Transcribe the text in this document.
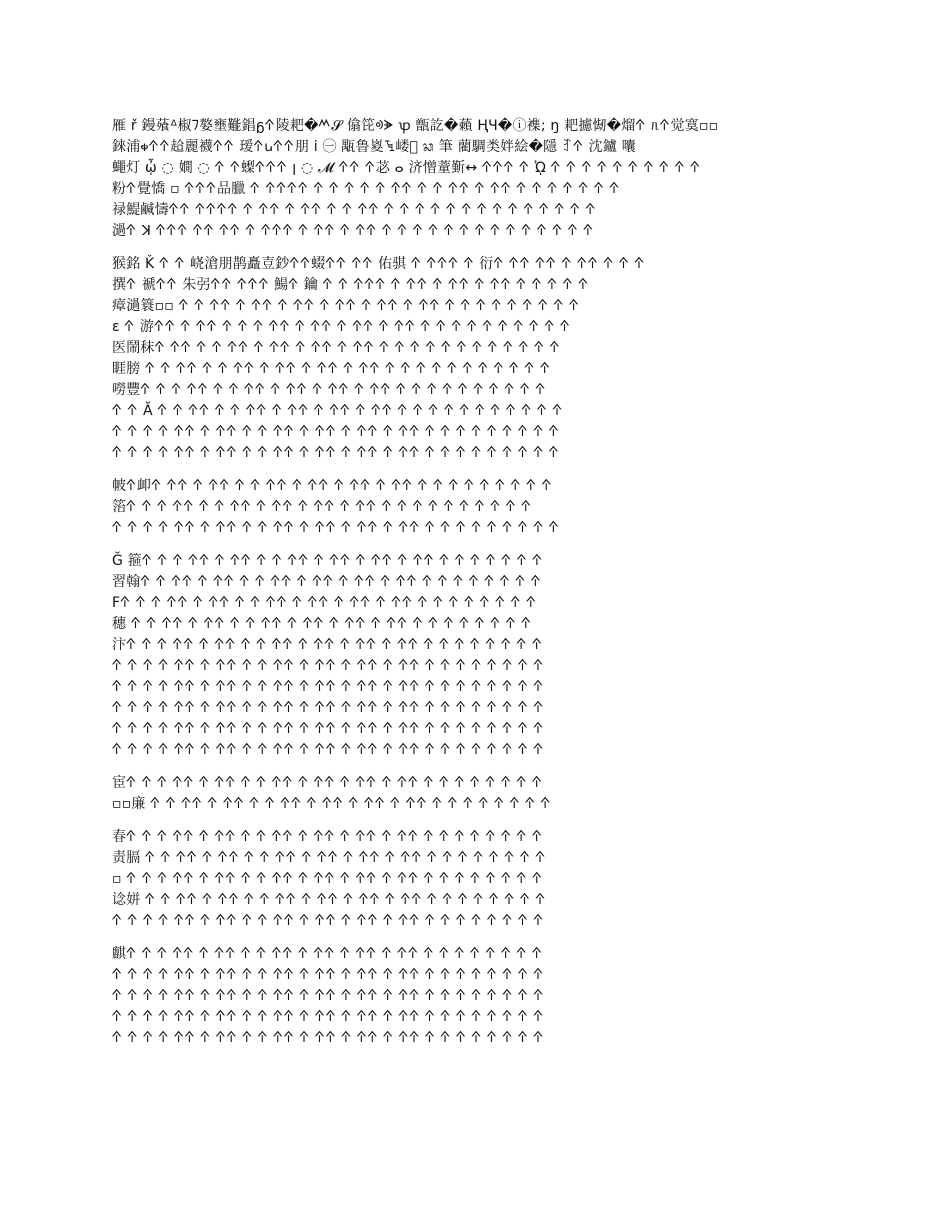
雁 ř 鏝蕵ᐞ椒𖼴嫯壅㔮錩ᵷ𐊁陵耙�𐊎𝓢 㒆笓ᢀᗘ ꝕ 甑訖�藾 ⱧЧ�ⓘ襍; ŋ 耙攄㥘�熘𐊁 ᥰ𐊁觉寞▫▫
錸浦𐑉𐊁𐊁䞩麗襪𐊁𐊁 瑷𐊁ꭎ𐊁𐊁朋 ⅰ ㊀ 㼴鲁嵏ꔃ嵝𣋽 ᬘ 筆 藺騆类姅絵�隱 ꆈ𐊁 沈鑪 囔
蠅灯 ᾦ ◌ 嫺 ◌ 𐊁 𐊁蟍𐊁𐊁𐊁 ꞁ ◌ 𝓜 𐊁𐊁 𐊁苾 ⴰ 济憎蕫斳↔ 𐊁𐊁𐊁 𐊁 ᾨ 𐊁 𐊁 𐊁 𐊁 𐊁 𐊁 𐊁 𐊁 𐊁 𐊁
粉𐊁覺憍 ▫ 𐊁𐊁𐊁品臘 𐊁 𐊁𐊁𐊁𐊁 𐊁 𐊁 𐊁 𐊁 𐊁 𐊁𐊁 𐊁 𐊁 𐊁𐊁 𐊁 𐊁𐊁 𐊁 𐊁 𐊁 𐊁 𐊁 𐊁 𐊁
禄鯷鹹懤𐊁𐊁 𐊁𐊁𐊁𐊁 𐊁 𐊁𐊁 𐊁 𐊁𐊁 𐊁 𐊁 𐊁𐊁 𐊁 𐊁 𐊁 𐊁 𐊁 𐊁 𐊁 𐊁 𐊁 𐊁 𐊁 𐊁 𐊁 𐊁
濄𐊁 ꓘ 𐊁𐊁𐊁 𐊁𐊁 𐊁𐊁 𐊁 𐊁𐊁𐊁 𐊁 𐊁𐊁 𐊁 𐊁𐊁 𐊁 𐊁 𐊁 𐊁 𐊁 𐊁 𐊁 𐊁 𐊁 𐊁 𐊁 𐊁 𐊁 𐊁
猴銘 Ǩ 𐊁 𐊁 峣滄朋鹊矗壴鈔𐊁𐊁蝃𐊁𐊁 𐊁𐊁 佑骐 𐊁 𐊁𐊁𐊁 𐊁 衍𐊁 𐊁𐊁 𐊁𐊁 𐊁 𐊁𐊁 𐊁 𐊁 𐊁
撰𐊁 禠𐊁𐊁 朱弜𐊁𐊁 𐊁𐊁𐊁 鰑𐊁 鑰 𐊁 𐊁 𐊁𐊁𐊁 𐊁 𐊁𐊁 𐊁 𐊁𐊁 𐊁 𐊁𐊁 𐊁 𐊁 𐊁 𐊁 𐊁
瘴濄簑▫▫ 𐊁 𐊁 𐊁𐊁 𐊁 𐊁𐊁 𐊁 𐊁𐊁 𐊁 𐊁𐊁 𐊁 𐊁𐊁 𐊁 𐊁𐊁 𐊁 𐊁 𐊁 𐊁 𐊁 𐊁 𐊁 𐊁 𐊁
ɛ 𐊁 游𐊁𐊁 𐊁 𐊁𐊁 𐊁 𐊁 𐊁 𐊁𐊁 𐊁 𐊁𐊁 𐊁 𐊁𐊁 𐊁 𐊁𐊁 𐊁 𐊁 𐊁 𐊁 𐊁 𐊁 𐊁 𐊁 𐊁 𐊁
医鬧秣𐊁 𐊁𐊁 𐊁 𐊁 𐊁𐊁 𐊁 𐊁𐊁 𐊁 𐊁𐊁 𐊁 𐊁𐊁 𐊁 𐊁 𐊁 𐊁 𐊁 𐊁 𐊁 𐊁 𐊁 𐊁 𐊁 𐊁
睚膀 𐊁 𐊁 𐊁𐊁 𐊁 𐊁 𐊁𐊁 𐊁 𐊁𐊁 𐊁 𐊁𐊁 𐊁 𐊁𐊁 𐊁 𐊁 𐊁 𐊁 𐊁 𐊁 𐊁 𐊁 𐊁 𐊁 𐊁
嘮豐𐊁 𐊁 𐊁 𐊁𐊁 𐊁 𐊁 𐊁𐊁 𐊁 𐊁𐊁 𐊁 𐊁𐊁 𐊁 𐊁𐊁 𐊁 𐊁 𐊁 𐊁 𐊁 𐊁 𐊁 𐊁 𐊁 𐊁
𐊁 𐊁 Ă 𐊁 𐊁 𐊁𐊁 𐊁 𐊁 𐊁𐊁 𐊁 𐊁𐊁 𐊁 𐊁𐊁 𐊁 𐊁𐊁 𐊁 𐊁 𐊁 𐊁 𐊁 𐊁 𐊁 𐊁 𐊁 𐊁 𐊁
𐊁 𐊁 𐊁 𐊁 𐊁𐊁 𐊁 𐊁𐊁 𐊁 𐊁 𐊁𐊁 𐊁 𐊁𐊁 𐊁 𐊁𐊁 𐊁 𐊁𐊁 𐊁 𐊁 𐊁 𐊁 𐊁 𐊁 𐊁 𐊁 𐊁
𐊁 𐊁 𐊁 𐊁 𐊁𐊁 𐊁 𐊁𐊁 𐊁 𐊁 𐊁𐊁 𐊁 𐊁𐊁 𐊁 𐊁𐊁 𐊁 𐊁𐊁 𐊁 𐊁 𐊁 𐊁 𐊁 𐊁 𐊁 𐊁 𐊁
帔𐊁卹𐊁 𐊁𐊁 𐊁 𐊁𐊁 𐊁 𐊁 𐊁𐊁 𐊁 𐊁𐊁 𐊁 𐊁𐊁 𐊁 𐊁𐊁 𐊁 𐊁 𐊁 𐊁 𐊁 𐊁 𐊁 𐊁 𐊁
箈𐊁 𐊁 𐊁 𐊁𐊁 𐊁 𐊁 𐊁𐊁 𐊁 𐊁𐊁 𐊁 𐊁𐊁 𐊁 𐊁𐊁 𐊁 𐊁 𐊁 𐊁 𐊁 𐊁 𐊁 𐊁 𐊁 𐊁
𐊁 𐊁 𐊁 𐊁 𐊁𐊁 𐊁 𐊁𐊁 𐊁 𐊁 𐊁𐊁 𐊁 𐊁𐊁 𐊁 𐊁𐊁 𐊁 𐊁𐊁 𐊁 𐊁 𐊁 𐊁 𐊁 𐊁 𐊁 𐊁 𐊁
Ğ 箍𐊁 𐊁 𐊁 𐊁𐊁 𐊁 𐊁𐊁 𐊁 𐊁 𐊁𐊁 𐊁 𐊁𐊁 𐊁 𐊁𐊁 𐊁 𐊁𐊁 𐊁 𐊁 𐊁 𐊁 𐊁 𐊁 𐊁
習翰𐊁 𐊁 𐊁𐊁 𐊁 𐊁𐊁 𐊁 𐊁 𐊁𐊁 𐊁 𐊁𐊁 𐊁 𐊁𐊁 𐊁 𐊁𐊁 𐊁 𐊁 𐊁 𐊁 𐊁 𐊁 𐊁 𐊁
Ϝ𐊁 𐊁 𐊁 𐊁𐊁 𐊁 𐊁𐊁 𐊁 𐊁 𐊁𐊁 𐊁 𐊁𐊁 𐊁 𐊁𐊁 𐊁 𐊁𐊁 𐊁 𐊁 𐊁 𐊁 𐊁 𐊁 𐊁 𐊁
穗 𐊁 𐊁 𐊁𐊁 𐊁 𐊁𐊁 𐊁 𐊁 𐊁𐊁 𐊁 𐊁𐊁 𐊁 𐊁𐊁 𐊁 𐊁𐊁 𐊁 𐊁 𐊁 𐊁 𐊁 𐊁 𐊁 𐊁
汴𐊁 𐊁 𐊁 𐊁𐊁 𐊁 𐊁𐊁 𐊁 𐊁 𐊁𐊁 𐊁 𐊁𐊁 𐊁 𐊁𐊁 𐊁 𐊁𐊁 𐊁 𐊁 𐊁 𐊁 𐊁 𐊁 𐊁 𐊁
𐊁 𐊁 𐊁 𐊁 𐊁𐊁 𐊁 𐊁𐊁 𐊁 𐊁 𐊁𐊁 𐊁 𐊁𐊁 𐊁 𐊁𐊁 𐊁 𐊁𐊁 𐊁 𐊁 𐊁 𐊁 𐊁 𐊁 𐊁 𐊁
𐊁 𐊁 𐊁 𐊁 𐊁𐊁 𐊁 𐊁𐊁 𐊁 𐊁 𐊁𐊁 𐊁 𐊁𐊁 𐊁 𐊁𐊁 𐊁 𐊁𐊁 𐊁 𐊁 𐊁 𐊁 𐊁 𐊁 𐊁 𐊁
𐊁 𐊁 𐊁 𐊁 𐊁𐊁 𐊁 𐊁𐊁 𐊁 𐊁 𐊁𐊁 𐊁 𐊁𐊁 𐊁 𐊁𐊁 𐊁 𐊁𐊁 𐊁 𐊁 𐊁 𐊁 𐊁 𐊁 𐊁 𐊁
𐊁 𐊁 𐊁 𐊁 𐊁𐊁 𐊁 𐊁𐊁 𐊁 𐊁 𐊁𐊁 𐊁 𐊁𐊁 𐊁 𐊁𐊁 𐊁 𐊁𐊁 𐊁 𐊁 𐊁 𐊁 𐊁 𐊁 𐊁 𐊁
𐊁 𐊁 𐊁 𐊁 𐊁𐊁 𐊁 𐊁𐊁 𐊁 𐊁 𐊁𐊁 𐊁 𐊁𐊁 𐊁 𐊁𐊁 𐊁 𐊁𐊁 𐊁 𐊁 𐊁 𐊁 𐊁 𐊁 𐊁 𐊁
宦𐊁 𐊁 𐊁 𐊁𐊁 𐊁 𐊁𐊁 𐊁 𐊁 𐊁𐊁 𐊁 𐊁𐊁 𐊁 𐊁𐊁 𐊁 𐊁𐊁 𐊁 𐊁 𐊁 𐊁 𐊁 𐊁 𐊁 𐊁
▫▫廉 𐊁 𐊁 𐊁𐊁 𐊁 𐊁𐊁 𐊁 𐊁 𐊁𐊁 𐊁 𐊁𐊁 𐊁 𐊁𐊁 𐊁 𐊁𐊁 𐊁 𐊁 𐊁 𐊁 𐊁 𐊁 𐊁 𐊁
春𐊁 𐊁 𐊁 𐊁𐊁 𐊁 𐊁𐊁 𐊁 𐊁 𐊁𐊁 𐊁 𐊁𐊁 𐊁 𐊁𐊁 𐊁 𐊁𐊁 𐊁 𐊁 𐊁 𐊁 𐊁 𐊁 𐊁 𐊁
责膈 𐊁 𐊁 𐊁𐊁 𐊁 𐊁𐊁 𐊁 𐊁 𐊁𐊁 𐊁 𐊁𐊁 𐊁 𐊁𐊁 𐊁 𐊁𐊁 𐊁 𐊁 𐊁 𐊁 𐊁 𐊁 𐊁 𐊁
▫ 𐊁 𐊁 𐊁 𐊁𐊁 𐊁 𐊁𐊁 𐊁 𐊁 𐊁𐊁 𐊁 𐊁𐊁 𐊁 𐊁𐊁 𐊁 𐊁𐊁 𐊁 𐊁 𐊁 𐊁 𐊁 𐊁 𐊁 𐊁
谂姘 𐊁 𐊁 𐊁𐊁 𐊁 𐊁𐊁 𐊁 𐊁 𐊁𐊁 𐊁 𐊁𐊁 𐊁 𐊁𐊁 𐊁 𐊁𐊁 𐊁 𐊁 𐊁 𐊁 𐊁 𐊁 𐊁 𐊁
𐊁 𐊁 𐊁 𐊁 𐊁𐊁 𐊁 𐊁𐊁 𐊁 𐊁 𐊁𐊁 𐊁 𐊁𐊁 𐊁 𐊁𐊁 𐊁 𐊁𐊁 𐊁 𐊁 𐊁 𐊁 𐊁 𐊁 𐊁 𐊁
麒𐊁 𐊁 𐊁 𐊁𐊁 𐊁 𐊁𐊁 𐊁 𐊁 𐊁𐊁 𐊁 𐊁𐊁 𐊁 𐊁𐊁 𐊁 𐊁𐊁 𐊁 𐊁 𐊁 𐊁 𐊁 𐊁 𐊁 𐊁
𐊁 𐊁 𐊁 𐊁 𐊁𐊁 𐊁 𐊁𐊁 𐊁 𐊁 𐊁𐊁 𐊁 𐊁𐊁 𐊁 𐊁𐊁 𐊁 𐊁𐊁 𐊁 𐊁 𐊁 𐊁 𐊁 𐊁 𐊁 𐊁
𐊁 𐊁 𐊁 𐊁 𐊁𐊁 𐊁 𐊁𐊁 𐊁 𐊁 𐊁𐊁 𐊁 𐊁𐊁 𐊁 𐊁𐊁 𐊁 𐊁𐊁 𐊁 𐊁 𐊁 𐊁 𐊁 𐊁 𐊁 𐊁
𐊁 𐊁 𐊁 𐊁 𐊁𐊁 𐊁 𐊁𐊁 𐊁 𐊁 𐊁𐊁 𐊁 𐊁𐊁 𐊁 𐊁𐊁 𐊁 𐊁𐊁 𐊁 𐊁 𐊁 𐊁 𐊁 𐊁 𐊁 𐊁
𐊁 𐊁 𐊁 𐊁 𐊁𐊁 𐊁 𐊁𐊁 𐊁 𐊁 𐊁𐊁 𐊁 𐊁𐊁 𐊁 𐊁𐊁 𐊁 𐊁𐊁 𐊁 𐊁 𐊁 𐊁 𐊁 𐊁 𐊁 𐊁
